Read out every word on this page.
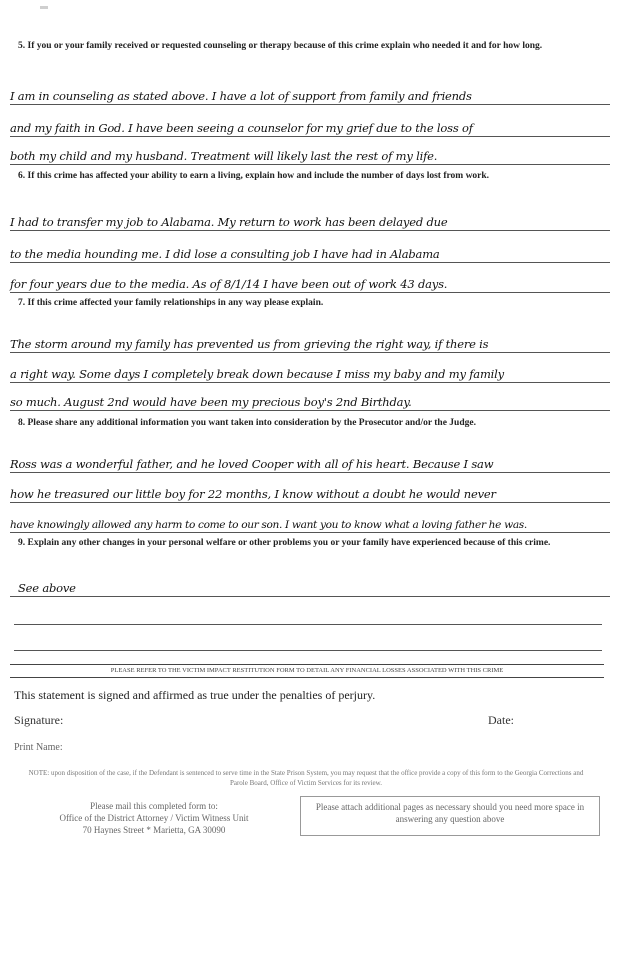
5. If you or your family received or requested counseling or therapy because of this crime explain who needed it and for how long.
I am in counseling as stated above. I have a lot of support from family and friends
and my faith in God. I have been seeing a counselor for my grief due to the loss of
both my child and my husband. Treatment will likely last the rest of my life.
6. If this crime has affected your ability to earn a living, explain how and include the number of days lost from work.
I had to transfer my job to Alabama. My return to work has been delayed due
to the media hounding me. I did lose a consulting job I have had in Alabama
for four years due to the media. As of 8/1/14 I have been out of work 43 days.
7. If this crime affected your family relationships in any way please explain.
The storm around my family has prevented us from grieving the right way, if there is
a right way. Some days I completely break down because I miss my baby and my family
so much. August 2nd would have been my precious boy's 2nd Birthday.
8. Please share any additional information you want taken into consideration by the Prosecutor and/or the Judge.
Ross was a wonderful father, and he loved Cooper with all of his heart. Because I saw
how he treasured our little boy for 22 months, I know without a doubt he would never
have knowingly allowed any harm to come to our son. I want you to know what a loving father he was.
9. Explain any other changes in your personal welfare or other problems you or your family have experienced because of this crime.
See above
PLEASE REFER TO THE VICTIM IMPACT RESTITUTION FORM TO DETAIL ANY FINANCIAL LOSSES ASSOCIATED WITH THIS CRIME
This statement is signed and affirmed as true under the penalties of perjury.
Signature:	Date:
Print Name:
NOTE: upon disposition of the case, if the Defendant is sentenced to serve time in the State Prison System, you may request that the office provide a copy of this form to the Georgia Corrections and Parole Board, Office of Victim Services for its review.
Please mail this completed form to:
Office of the District Attorney / Victim Witness Unit
70 Haynes Street * Marietta, GA 30090
Please attach additional pages as necessary should you need more space in answering any question above
